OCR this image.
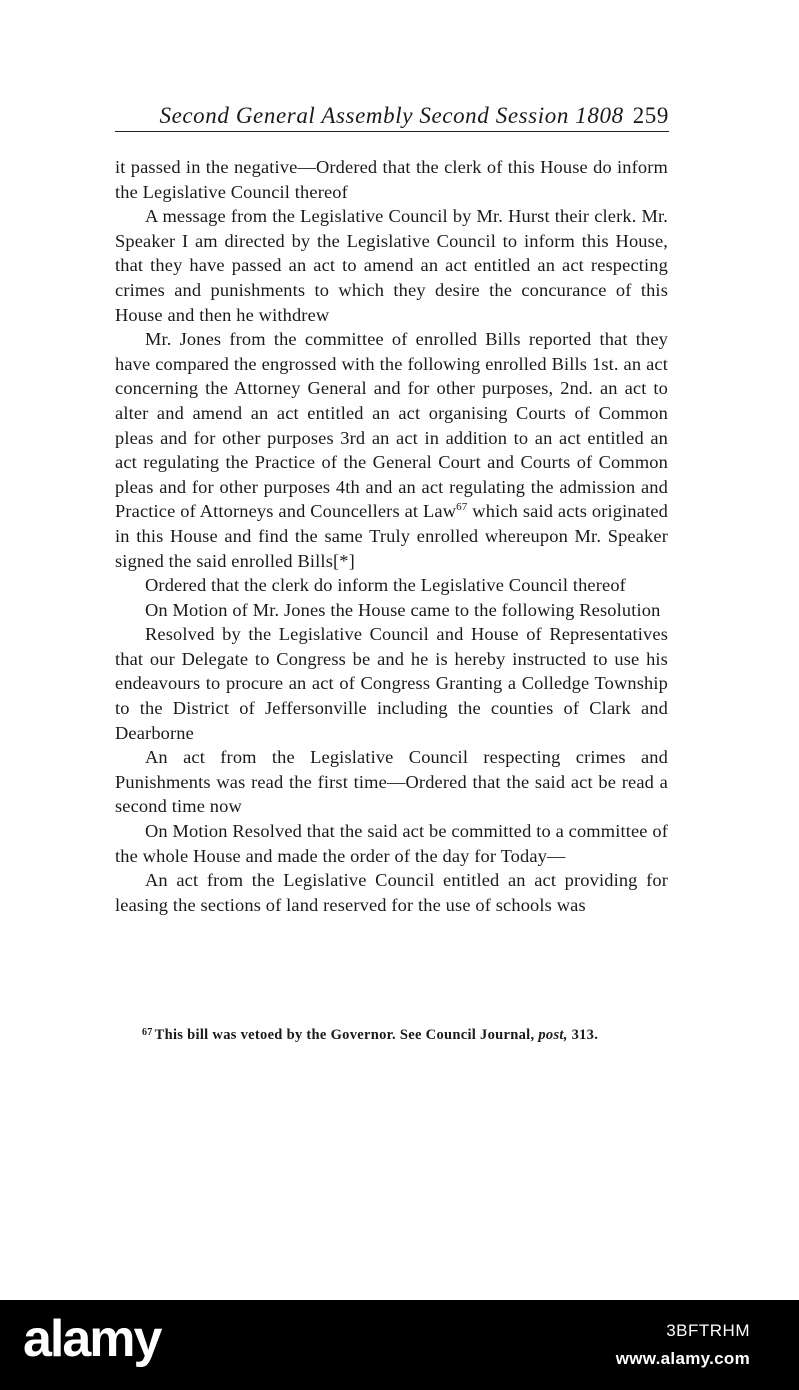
Second General Assembly Second Session 1808 259

it passed in the negative—Ordered that the clerk of this House do inform the Legislative Council thereof

A message from the Legislative Council by Mr. Hurst their clerk. Mr. Speaker I am directed by the Legislative Council to inform this House, that they have passed an act to amend an act entitled an act respecting crimes and punishments to which they desire the concurance of this House and then he withdrew

Mr. Jones from the committee of enrolled Bills reported that they have compared the engrossed with the following enrolled Bills 1st. an act concerning the Attorney General and for other purposes, 2nd. an act to alter and amend an act entitled an act organising Courts of Common pleas and for other purposes 3rd an act in addition to an act entitled an act regulating the Practice of the General Court and Courts of Common pleas and for other purposes 4th and an act regulating the admission and Practice of Attorneys and Councellers at Law$^{67}$ which said acts originated in this House and find the same Truly enrolled whereupon Mr. Speaker signed the said enrolled Bills[*]

Ordered that the clerk do inform the Legislative Council thereof

On Motion of Mr. Jones the House came to the following Resolution

Resolved by the Legislative Council and House of Representatives that our Delegate to Congress be and he is hereby instructed to use his endeavours to procure an act of Congress Granting a Colledge Township to the District of Jeffersonville including the counties of Clark and Dearborne

An act from the Legislative Council respecting crimes and Punishments was read the first time—Ordered that the said act be read a second time now

On Motion Resolved that the said act be committed to a committee of the whole House and made the order of the day for Today—

An act from the Legislative Council entitled an act providing for leasing the sections of land reserved for the use of schools was

$^{67}$ This bill was vetoed by the Governor. See Council Journal, post, 313.
alamy	3BFTRHM
www.alamy.com
